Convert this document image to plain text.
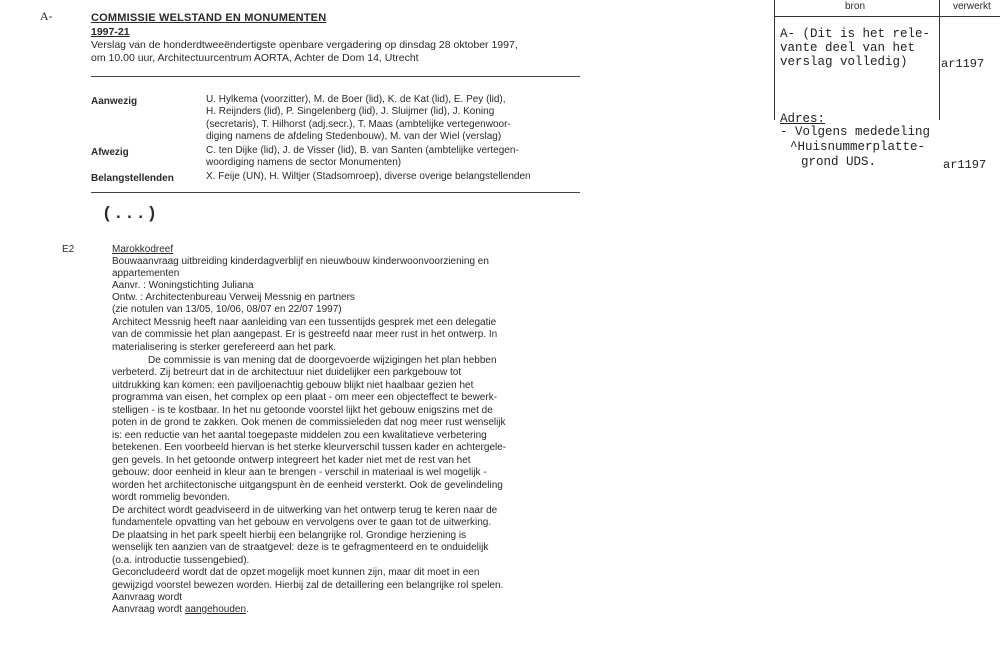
A-	COMMISSIE WELSTAND EN MONUMENTEN
1997-21
Verslag van de honderdtweeëndertigste openbare vergadering op dinsdag 28 oktober 1997,
om 10.00 uur, Architectuurcentrum AORTA, Achter de Dom 14, Utrecht
Aanwezig	U. Hylkema (voorzitter), M. de Boer (lid), K. de Kat (lid), E. Pey (lid),
H. Reijnders (lid), P. Singelenberg (lid), J. Sluijmer (lid), J. Koning
(secretaris), T. Hilhorst (adj.secr.), T. Maas (ambtelijke vertegenwoor-
diging namens de afdeling Stedenbouw), M. van der Wiel (verslag)
Afwezig	C. ten Dijke (lid), J. de Visser (lid), B. van Santen (ambtelijke vertegen-
woordiging namens de sector Monumenten)
Belangstellenden	X. Feije (UN), H. Wiltjer (Stadsomroep), diverse overige belangstellenden
(...)
E2	Marokkodreef
Bouwaanvraag uitbreiding kinderdagverblijf en nieuwbouw kinderwoonvoorziening en
appartementen
Aanvr. : Woningstichting Juliana
Ontw. : Architectenbureau Verweij Messnig en partners
(zie notulen van 13/05, 10/06, 08/07 en 22/07 1997)
Architect Messnig heeft naar aanleiding van een tussentijds gesprek met een delegatie
van de commissie het plan aangepast. Er is gestreefd naar meer rust in het ontwerp. In
materialisering is sterker gerefereerd aan het park.
De commissie is van mening dat de doorgevoerde wijzigingen het plan hebben
verbeterd. Zij betreurt dat in de architectuur niet duidelijker een parkgebouw tot
uitdrukking kan komen: een paviljoenachtig gebouw blijkt niet haalbaar gezien het
programma van eisen, het complex op een plaat - om meer een objecteffect te bewerk-
stelligen - is te kostbaar. In het nu getoonde voorstel lijkt het gebouw enigszins met de
poten in de grond te zakken. Ook menen de commissieleden dat nog meer rust wenselijk
is: een reductie van het aantal toegepaste middelen zou een kwalitatieve verbetering
betekenen. Een voorbeeld hiervan is het sterke kleurverschil tussen kader en achtergele-
gen gevels. In het getoonde ontwerp integreert het kader niet met de rest van het
gebouw: door eenheid in kleur aan te brengen - verschil in materiaal is wel mogelijk -
worden het architectonische uitgangspunt èn de eenheid versterkt. Ook de gevelindeling
wordt rommelig bevonden.
De architect wordt geadviseerd in de uitwerking van het ontwerp terug te keren naar de
fundamentele opvatting van het gebouw en vervolgens over te gaan tot de uitwerking.
De plaatsing in het park speelt hierbij een belangrijke rol. Grondige herziening is
wenselijk ten aanzien van de straatgevel: deze is te gefragmenteerd en te onduidelijk
(o.a. introductie tussengebied).
Geconcludeerd wordt dat de opzet mogelijk moet kunnen zijn, maar dit moet in een
gewijzigd voorstel bewezen worden. Hierbij zal de detaillering een belangrijke rol spelen.
Aanvraag wordt
Aanvraag wordt aangehouden.
bron	verwerkt
A- (Dit is het rele-
vante deel van het
verslag volledig)	ar1197
Adres:
- Volgens mededeling
^Huisnummerplatte-
grond UDS.	ar1197
